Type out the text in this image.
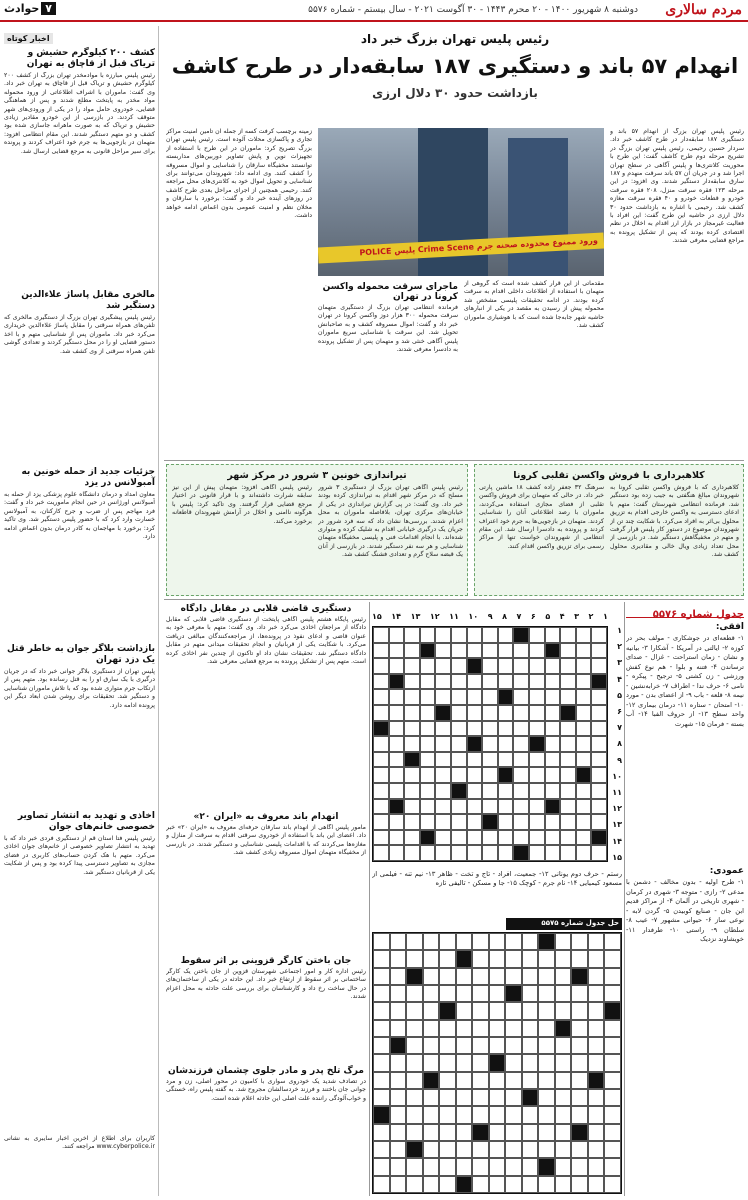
مردم سالاری
دوشنبه ۸ شهریور ۱۴۰۰ - ۲۰ محرم ۱۴۴۳ - ۳۰ آگوست ۲۰۲۱ - سال بیستم - شماره ۵۵۷۶
۷حوادث
اخبار کوتاه
کشف ۲۰۰ کیلوگرم حشیش و تریاک قبل از قاچاق به تهران
رئیس پلیس مبارزه با موادمخدر تهران بزرگ از کشف ۲۰۰ کیلوگرم حشیش و تریاک قبل از قاچاق به تهران خبر داد. وی گفت: ماموران با اشراف اطلاعاتی از ورود محموله مواد مخدر به پایتخت مطلع شدند و پس از هماهنگی قضایی، خودروی حامل مواد را در یکی از ورودی‌های شهر متوقف کردند. در بازرسی از این خودرو مقادیر زیادی حشیش و تریاک که به صورت ماهرانه جاسازی شده بود کشف و دو متهم دستگیر شدند. این مقام انتظامی افزود: متهمان در بازجویی‌ها به جرم خود اعتراف کردند و پرونده برای سیر مراحل قانونی به مرجع قضایی ارسال شد.
مالخری مقابل پاساژ علاءالدین دستگیر شد
رئیس پلیس پیشگیری تهران بزرگ از دستگیری مالخری که تلفن‌های همراه سرقتی را مقابل پاساژ علاءالدین خریداری می‌کرد خبر داد. ماموران پس از شناسایی متهم و با اخذ دستور قضایی او را در محل دستگیر کردند و تعدادی گوشی تلفن همراه سرقتی از وی کشف شد.
جزئیات جدید از حمله خونین به آمبولانس در یزد
معاون امداد و درمان دانشگاه علوم پزشکی یزد از حمله به آمبولانس اورژانس در حین انجام ماموریت خبر داد و گفت: فرد مهاجم پس از ضرب و جرح کارکنان، به آمبولانس خسارت وارد کرد که با حضور پلیس دستگیر شد. وی تاکید کرد: برخورد با مهاجمان به کادر درمان بدون اغماض ادامه دارد.
بازداشت بلاگر جوان به خاطر قتل یک دزد تهران
پلیس تهران از دستگیری بلاگر جوانی خبر داد که در جریان درگیری با یک سارق او را به قتل رسانده بود. متهم پس از ارتکاب جرم متواری شده بود که با تلاش ماموران شناسایی و دستگیر شد. تحقیقات برای روشن شدن ابعاد دیگر این پرونده ادامه دارد.
اخاذی و تهدید به انتشار تصاویر خصوصی خانم‌های جوان
رئیس پلیس فتا استان قم از دستگیری فردی خبر داد که با تهدید به انتشار تصاویر خصوصی از خانم‌های جوان اخاذی می‌کرد. متهم با هک کردن حساب‌های کاربری در فضای مجازی به تصاویر دسترسی پیدا کرده بود و پس از شکایت یکی از قربانیان دستگیر شد.
کاربران برای اطلاع از آخرین اخبار سایبری به نشانی www.cyberpolice.ir مراجعه کنند.
رئیس پلیس تهران بزرگ خبر داد
انهدام ۵۷ باند و دستگیری ۱۸۷ سابقه‌دار در طرح کاشف
بازداشت حدود ۳۰ دلال ارزی
رئیس پلیس تهران بزرگ از انهدام ۵۷ باند و دستگیری ۱۸۷ سابقه‌دار در طرح کاشف خبر داد. سردار حسین رحیمی، رئیس پلیس تهران بزرگ در تشریح مرحله دوم طرح کاشف گفت: این طرح با محوریت کلانتری‌ها و پلیس آگاهی در سطح تهران اجرا شد و در جریان آن ۵۷ باند سرقت منهدم و ۱۸۷ سارق سابقه‌دار دستگیر شدند. وی افزود: در این مرحله ۱۲۳ فقره سرقت منزل، ۲۰۸ فقره سرقت خودرو و قطعات خودرو و ۴۰ فقره سرقت مغازه کشف شد. رحیمی با اشاره به بازداشت حدود ۳۰ دلال ارزی در حاشیه این طرح گفت: این افراد با فعالیت غیرمجاز در بازار ارز اقدام به اخلال در نظم اقتصادی کرده بودند که پس از تشکیل پرونده به مراجع قضایی معرفی شدند.
ورود ممنوع محدوده صحنه جرم Crime Scene پلیس POLICE
زمینه برچسب کرفت کسه از جمله آن تامین امنیت مراکز تجاری و پاکسازی محلات آلوده است. رئیس پلیس تهران بزرگ تصریح کرد: ماموران در این طرح با استفاده از تجهیزات نوین و پایش تصاویر دوربین‌های مداربسته توانستند مخفیگاه سارقان را شناسایی و اموال مسروقه را کشف کنند. وی ادامه داد: شهروندان می‌توانند برای شناسایی و تحویل اموال خود به کلانتری‌های محل مراجعه کنند. رحیمی همچنین از اجرای مراحل بعدی طرح کاشف در روزهای آینده خبر داد و گفت: برخورد با سارقان و مخلان نظم و امنیت عمومی بدون اغماض ادامه خواهد داشت.
ماجرای سرقت محموله واکسن کرونا در تهران
فرمانده انتظامی تهران بزرگ از دستگیری متهمان سرقت محموله ۳۰۰ هزار دوز واکسن کرونا در تهران خبر داد و گفت: اموال مسروقه کشف و به صاحبانش تحویل شد. این سرقت با شناسایی سریع ماموران پلیس آگاهی خنثی شد و متهمان پس از تشکیل پرونده به دادسرا معرفی شدند.
مقدماتی از این قرار کشف شده است که گروهی از متهمان با استفاده از اطلاعات داخلی اقدام به سرقت کرده بودند. در ادامه تحقیقات پلیسی مشخص شد محموله پیش از رسیدن به مقصد در یکی از انبارهای حاشیه شهر جابه‌جا شده است که با هوشیاری ماموران کشف شد.
کلاهبرداری با فروش واکسن تقلبی کرونا
کلاهبرداری که با فروش واکسن تقلبی کرونا به شهروندان مبالغ هنگفتی به جیب زده بود دستگیر شد. فرمانده انتظامی شهرستان گفت: متهم با ادعای دسترسی به واکسن خارجی اقدام به تزریق محلول بی‌اثر به افراد می‌کرد. با شکایت چند تن از شهروندان موضوع در دستور کار پلیس قرار گرفت و متهم در مخفیگاهش دستگیر شد. در بازرسی از محل تعداد زیادی ویال خالی و مقادیری محلول کشف شد.
سرهنگ ۳۲ جعفر زاده کشف ۱۸ ماشین پارتی خبر داد. در حالی که متهمان برای فروش واکسن تقلبی از فضای مجازی استفاده می‌کردند، ماموران با رصد اطلاعاتی آنان را شناسایی کردند. متهمان در بازجویی‌ها به جرم خود اعتراف کردند و پرونده به دادسرا ارسال شد. این مقام انتظامی از شهروندان خواست تنها از مراکز رسمی برای تزریق واکسن اقدام کنند.
تیراندازی خونین ۳ شرور در مرکز شهر
رئیس پلیس آگاهی تهران بزرگ از دستگیری ۳ شرور مسلح که در مرکز شهر اقدام به تیراندازی کرده بودند خبر داد. وی گفت: در پی گزارش تیراندازی در یکی از خیابان‌های مرکزی تهران، بلافاصله ماموران به محل اعزام شدند. بررسی‌ها نشان داد که سه فرد شرور در جریان یک درگیری خیابانی اقدام به شلیک کرده و متواری شده‌اند. با انجام اقدامات فنی و پلیسی مخفیگاه متهمان شناسایی و هر سه نفر دستگیر شدند. در بازرسی از آنان یک قبضه سلاح گرم و تعدادی فشنگ کشف شد.
رئیس پلیس آگاهی افزود: متهمان پیش از این نیز سابقه شرارت داشته‌اند و با قرار قانونی در اختیار مرجع قضایی قرار گرفتند. وی تاکید کرد: پلیس با هرگونه ناامنی و اخلال در آرامش شهروندان قاطعانه برخورد می‌کند.
جدول شماره ۵۵۷۶
افقی:
۱- قطعه‌ای در جوشکاری - مولف بحر در کوزه ۲- ایالتی در آمریکا - آشکارا ۳- بیانیه و نشان - زمان استراحت - غزال - صدای ترساندن ۴- فتنه و بلوا - هم نوع کفش ورزشی - زن کشتی ۵- ترجیح - پیکره - نامی ۶- حرف ندا - اطراف ۷- خرابه‌نشین - نیمه ۸- قلعه - باب ۹- از اعضای بدن - مورد ۱۰- امتحان - ستاره ۱۱- درمان بیماری ۱۲- واحد سطح ۱۳- از حروف الفبا ۱۴- آب بسته - فرمان ۱۵- شهرت
عمودی:
۱- طرح اولیه - بدون مخالف - دشمن با مدعی ۲- رازی - متوجه ۳- شهری در کرمان - شهری تاریخی در آلمان ۴- از مراکز قدیم ابن جان - صنایع کوبیدن ۵- گردن لابه - نوعی ساز ۶- حیوانی مشهور ۷- عیب ۸- سلطان ۹- راستی ۱۰- طرفدار ۱۱- خویشاوند نزدیک
۱۵ ۱۴ ۱۳ ۱۲ ۱۱ ۱۰ ۹ ۸ ۷ ۶ ۵ ۴ ۳ ۲ ۱
۱
۲
۳
۴
۵
۶
۷
۸
۹
۱۰
۱۱
۱۲
۱۳
۱۴
۱۵
رستم - حرف دوم یونانی ۱۲- جمعیت، افراد - تاج و تخت - ظاهر ۱۳- نیم تنه - فیلمی از مسعود کیمیایی ۱۴- نام جرم - کوچک ۱۵- جا و مسکن - تالیفی تازه
حل جدول شماره ۵۵۷۵
دستگیری قاضی قلابی در مقابل دادگاه
رئیس پایگاه هشتم پلیس آگاهی پایتخت از دستگیری قاضی قلابی که مقابل دادگاه از مراجعان اخاذی می‌کرد خبر داد. وی گفت: متهم با معرفی خود به عنوان قاضی و ادعای نفوذ در پرونده‌ها، از مراجعه‌کنندگان مبالغی دریافت می‌کرد. با شکایت یکی از قربانیان و انجام تحقیقات میدانی متهم در مقابل دادگاه دستگیر شد. تحقیقات نشان داد او تاکنون از چندین نفر اخاذی کرده است. متهم پس از تشکیل پرونده به مرجع قضایی معرفی شد.
انهدام باند معروف به «ایران ۲۰»
مامور پلیس آگاهی از انهدام باند سارقان حرفه‌ای معروف به «ایران ۲۰» خبر داد. اعضای این باند با استفاده از خودروی سرقتی اقدام به سرقت از منازل و مغازه‌ها می‌کردند که با اقدامات پلیسی شناسایی و دستگیر شدند. در بازرسی از مخفیگاه متهمان اموال مسروقه زیادی کشف شد.
جان باختن کارگر قزوینی بر اثر سقوط
رئیس اداره کار و امور اجتماعی شهرستان قزوین از جان باختن یک کارگر ساختمانی بر اثر سقوط از ارتفاع خبر داد. این حادثه در یکی از ساختمان‌های در حال ساخت رخ داد و کارشناسان برای بررسی علت حادثه به محل اعزام شدند.
مرگ تلخ پدر و مادر جلوی چشمان فرزندشان
در تصادف شدید یک خودروی سواری با کامیون در محور اصلی، زن و مرد جوانی جان باختند و فرزند خردسالشان مجروح شد. به گفته پلیس راه، خستگی و خواب‌آلودگی راننده علت اصلی این حادثه اعلام شده است.
